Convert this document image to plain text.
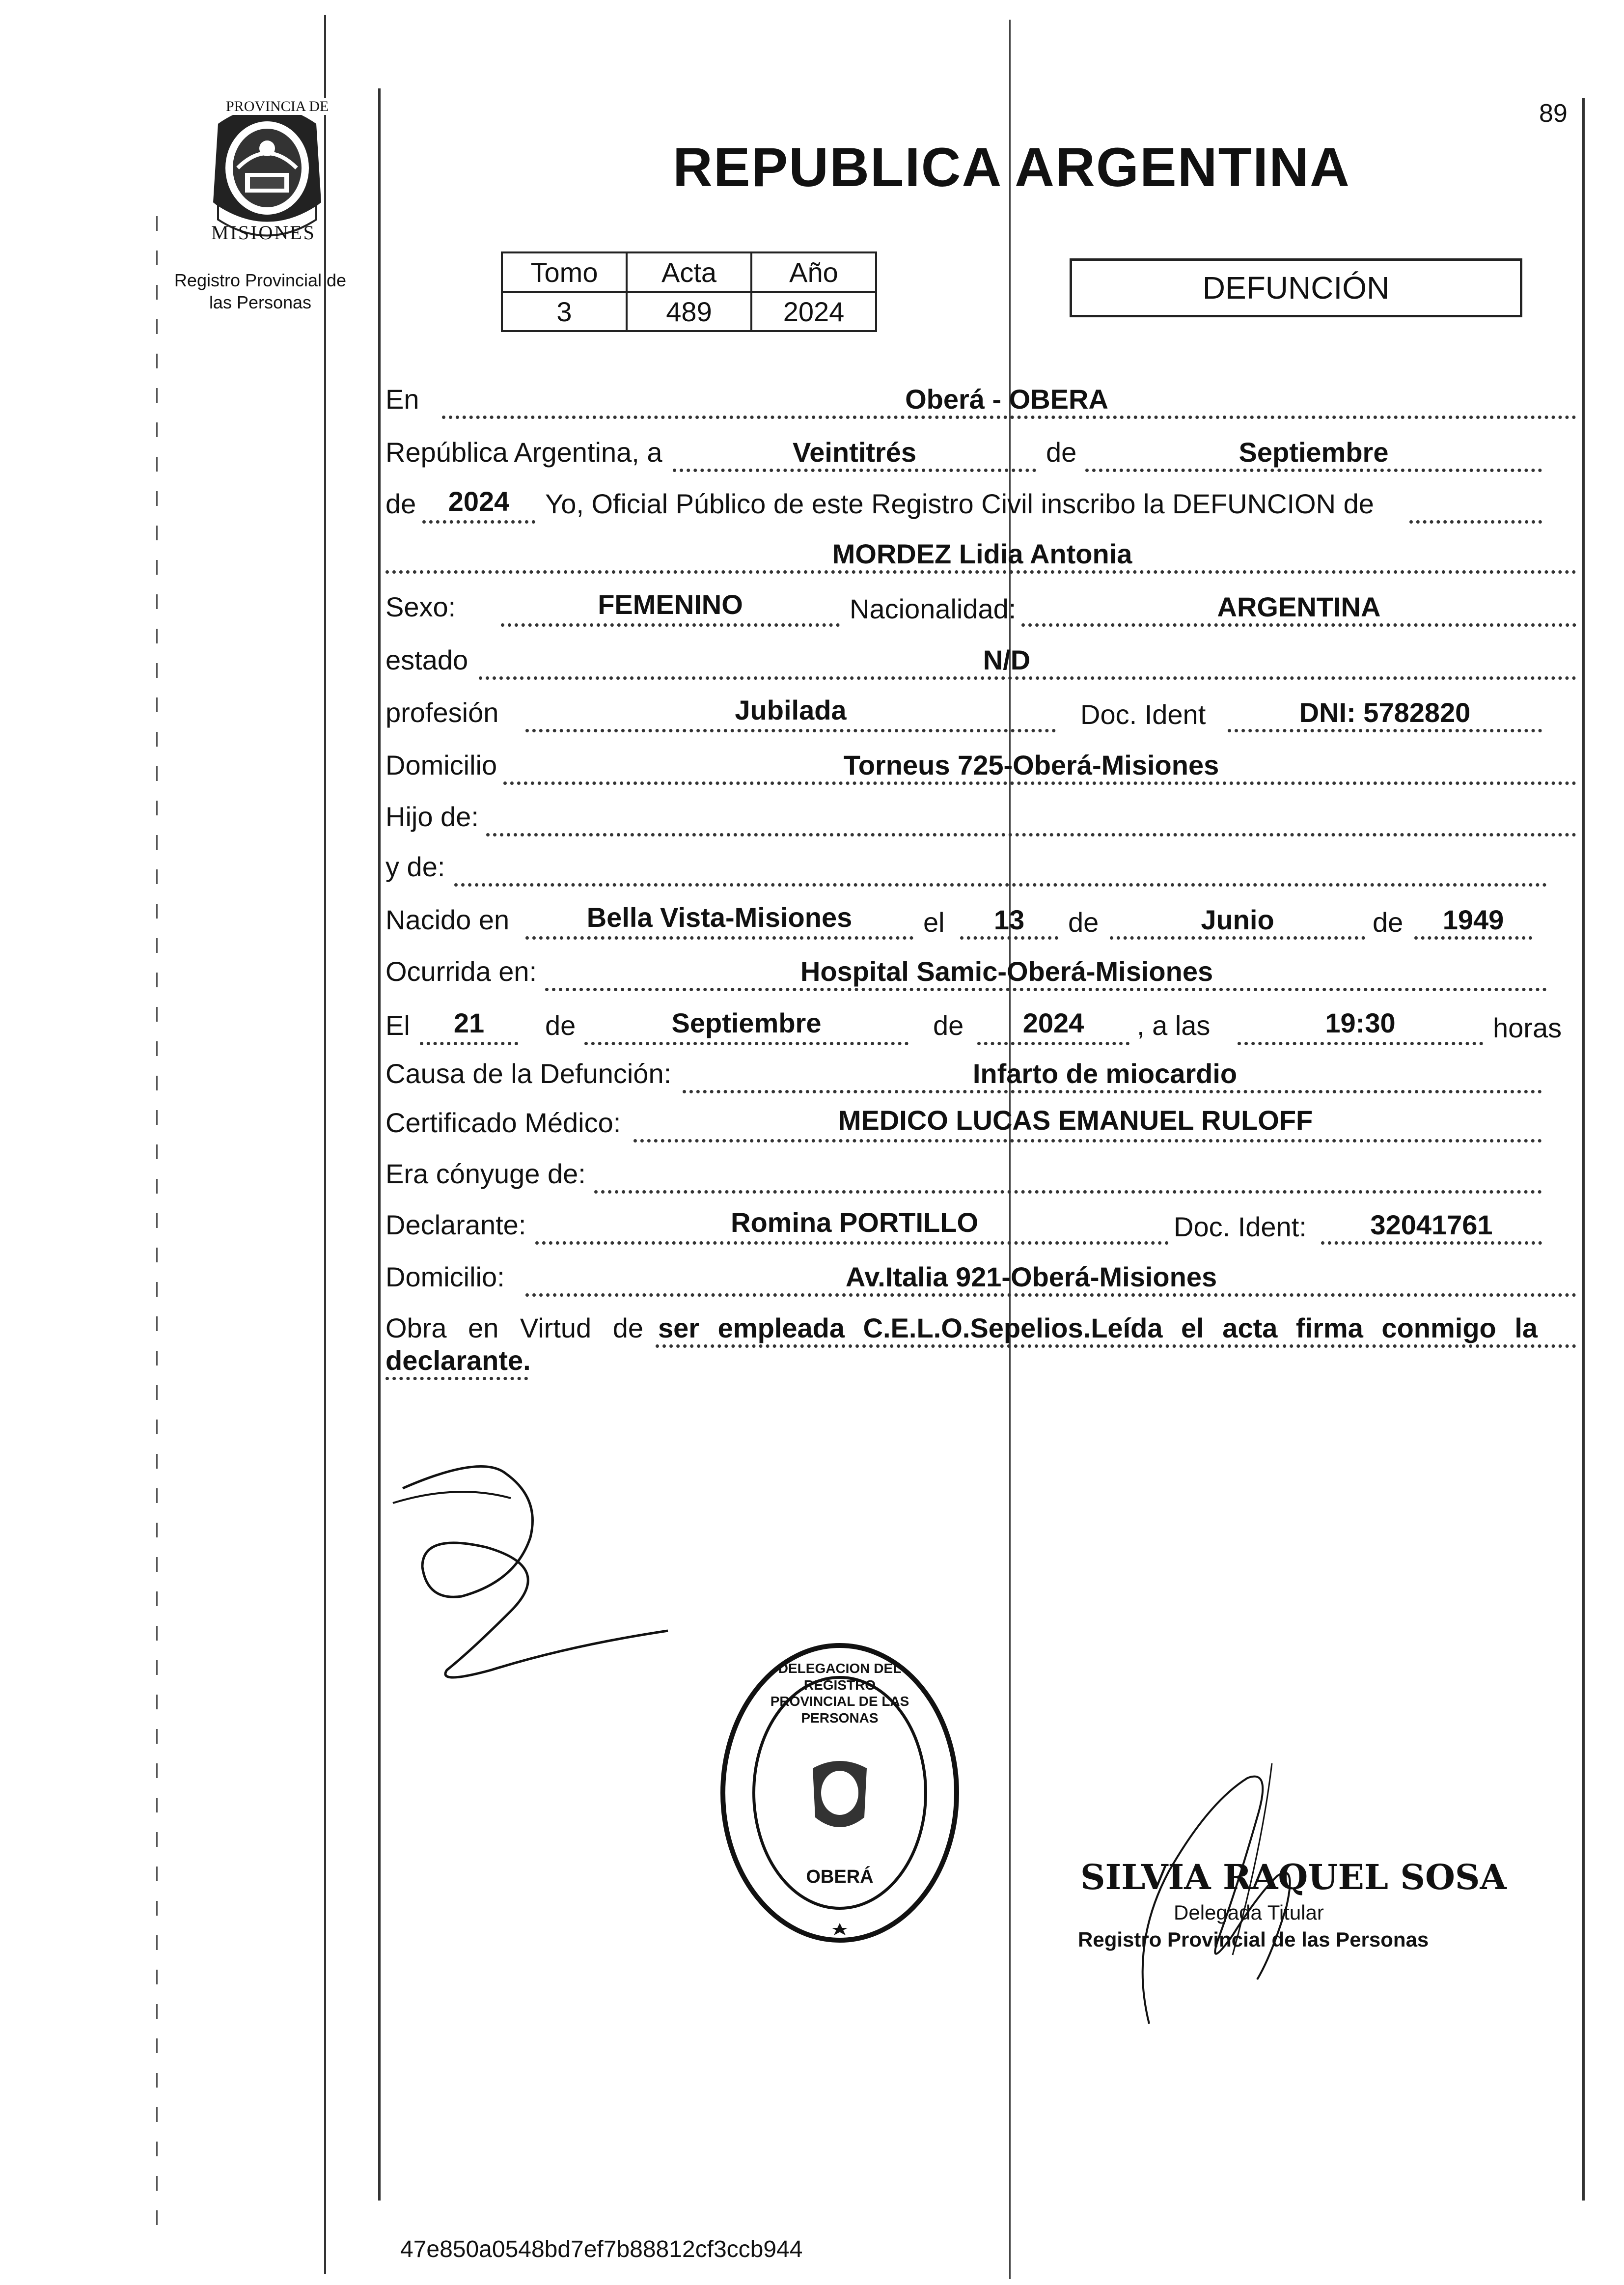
89
PROVINCIA DE
MISIONES
Registro Provincial de
las Personas
REPUBLICA ARGENTINA
Tomo	Acta	Año
3	489	2024
DEFUNCIÓN
En	Oberá - OBERA
República Argentina, a	Veintitrés	de	Septiembre
de	2024	Yo, Oficial Público de este Registro Civil inscribo la DEFUNCION de
MORDEZ Lidia Antonia
Sexo:	FEMENINO	Nacionalidad:	ARGENTINA
estado	N/D
profesión	Jubilada	Doc. Ident	DNI: 5782820
Domicilio	Torneus 725-Oberá-Misiones
Hijo de:
y de:
Nacido en	Bella Vista-Misiones	el	13	de	Junio	de	1949
Ocurrida en:	Hospital Samic-Oberá-Misiones
El	21	de	Septiembre	de	2024	, a las	19:30	horas
Causa de la Defunción:	Infarto de miocardio
Certificado Médico:	MEDICO LUCAS EMANUEL RULOFF
Era cónyuge de:
Declarante:	Romina PORTILLO	Doc. Ident:	32041761
Domicilio:	Av.Italia 921-Oberá-Misiones
Obra en Virtud de ser empleada C.E.L.O.Sepelios.Leída el acta firma conmigo la
declarante.
DELEGACION DEL REGISTRO PROVINCIAL DE LAS PERSONAS
OBERÁ	SILVIA RAQUEL SOSA
Delegada Titular
Registro Provincial de las Personas
47e850a0548bd7ef7b88812cf3ccb944
